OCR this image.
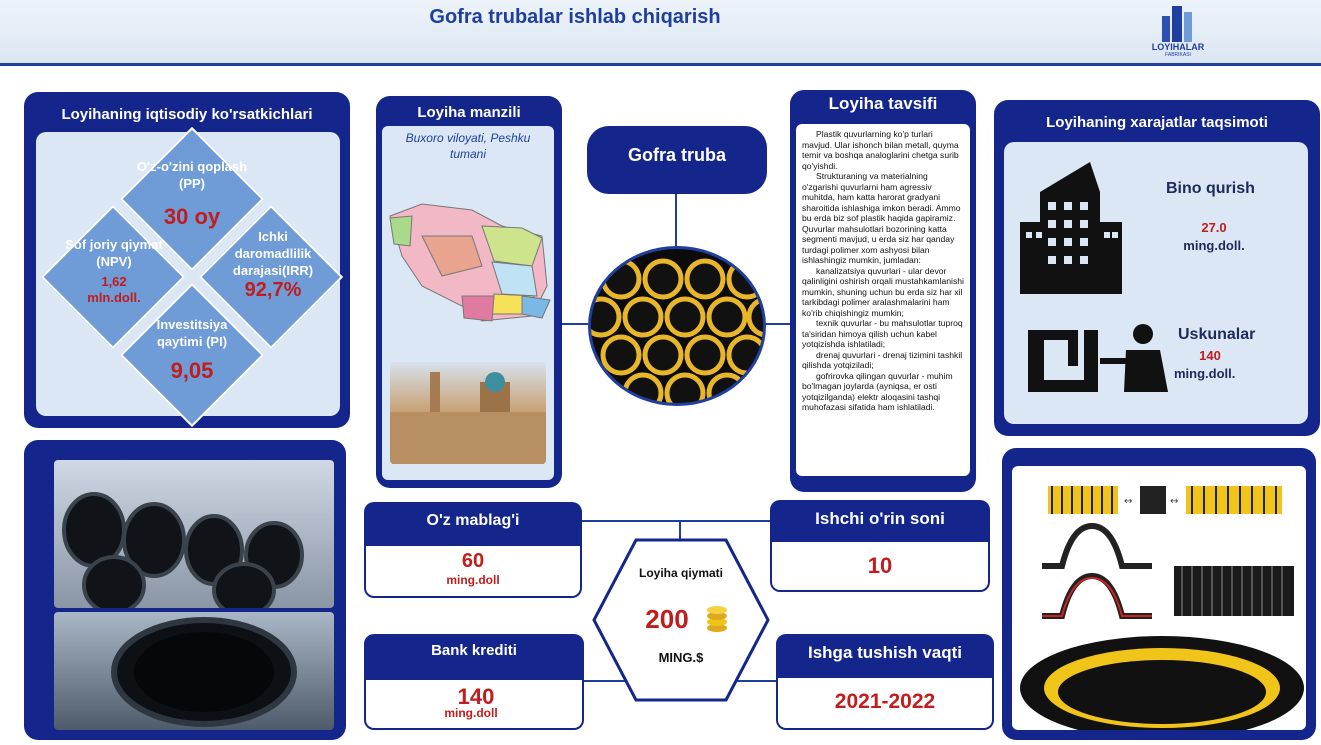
Gofra trubalar ishlab chiqarish
LOYIHALAR
FABRIKASI
Loyihaning iqtisodiy ko'rsatkichlari
O'z-o'zini qoplash (PP)
30 oy
Sof joriy qiymat (NPV)
1,62 mln.doll.
Ichki daromadlilik darajasi(IRR)
92,7%
Investitsiya qaytimi (PI)
9,05
Loyiha manzili
Buxoro viloyati, Peshku tumani	Gofra truba
Loyiha tavsifi

Plastik quvurlarning ko'p turlari mavjud. Ular ishonch bilan metall, quyma temir va boshqa analoglarini chetga surib qo'yishdi.

Strukturaning va materialning o'zgarishi quvurlarni ham agressiv muhitda, ham katta harorat gradyani sharoitida ishlashiga imkon beradi. Ammo bu erda biz sof plastik haqida gapiramiz. Quvurlar mahsulotlari bozorining katta segmenti mavjud, u erda siz har qanday turdagi polimer xom ashyosi bilan ishlashingiz mumkin, jumladan:

kanalizatsiya quvurlari - ular devor qalinligini oshirish orqali mustahkamlanishi mumkin, shuning uchun bu erda siz har xil tarkibdagi polimer aralashmalarini ham ko'rib chiqishingiz mumkin;

texnik quvurlar - bu mahsulotlar tuproq ta'siridan himoya qilish uchun kabel yotqizishda ishlatiladi;

drenaj quvurlari - drenaj tizimini tashkil qilishda yotqiziladi;

gofrirovka qilingan quvurlar - muhim bo'lmagan joylarda (ayniqsa, er osti yotqizilganda) elektr aloqasini tashqi muhofazasi sifatida ham ishlatiladi.

Loyihaning xarajatlar taqsimoti
Bino qurish
27.0
ming.doll.
Uskunalar
140
ming.doll.
↔	↔
O'z mablag'i
60
ming.doll
Bank krediti
140
ming.doll
Ishchi o'rin soni
10
Ishga tushish vaqti
2021-2022
Loyiha qiymati
200
MING.$
